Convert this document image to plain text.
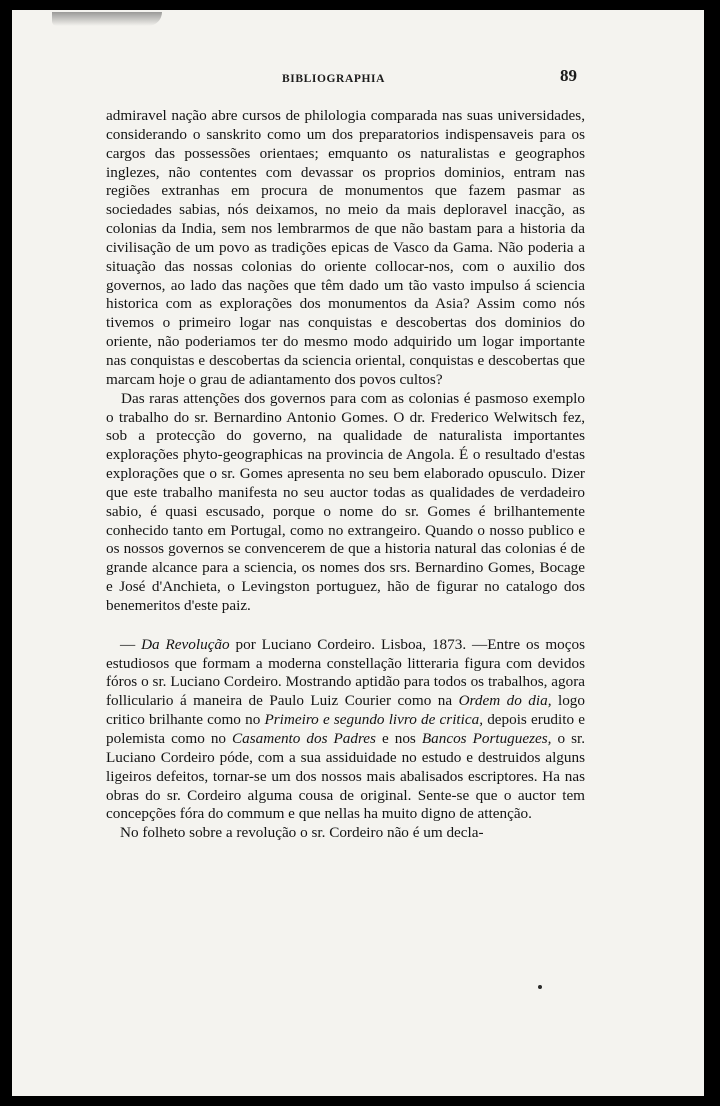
BIBLIOGRAPHIA	89

admiravel nação abre cursos de philologia comparada nas suas universidades, considerando o sanskrito como um dos preparatorios indispensaveis para os cargos das possessões orientaes; emquanto os naturalistas e geographos inglezes, não contentes com devassar os proprios dominios, entram nas regiões extranhas em procura de monumentos que fazem pasmar as sociedades sabias, nós deixamos, no meio da mais deploravel inacção, as colonias da India, sem nos lembrarmos de que não bastam para a historia da civilisação de um povo as tradições epicas de Vasco da Gama. Não poderia a situação das nossas colonias do oriente collocar-nos, com o auxilio dos governos, ao lado das nações que têm dado um tão vasto impulso á sciencia historica com as explorações dos monumentos da Asia? Assim como nós tivemos o primeiro logar nas conquistas e descobertas dos dominios do oriente, não poderiamos ter do mesmo modo adquirido um logar importante nas conquistas e descobertas da sciencia oriental, conquistas e descobertas que marcam hoje o grau de adiantamento dos povos cultos?

Das raras attenções dos governos para com as colonias é pasmoso exemplo o trabalho do sr. Bernardino Antonio Gomes. O dr. Frederico Welwitsch fez, sob a protecção do governo, na qualidade de naturalista importantes explorações phyto-geographicas na provincia de Angola. É o resultado d'estas explorações que o sr. Gomes apresenta no seu bem elaborado opusculo. Dizer que este trabalho manifesta no seu auctor todas as qualidades de verdadeiro sabio, é quasi escusado, porque o nome do sr. Gomes é brilhantemente conhecido tanto em Portugal, como no extrangeiro. Quando o nosso publico e os nossos governos se convencerem de que a historia natural das colonias é de grande alcance para a sciencia, os nomes dos srs. Bernardino Gomes, Bocage e José d'Anchieta, o Levingston portuguez, hão de figurar no catalogo dos benemeritos d'este paiz.

— Da Revolução por Luciano Cordeiro. Lisboa, 1873. —Entre os moços estudiosos que formam a moderna constellação litteraria figura com devidos fóros o sr. Luciano Cordeiro. Mostrando aptidão para todos os trabalhos, agora folliculario á maneira de Paulo Luiz Courier como na Ordem do dia, logo critico brilhante como no Primeiro e segundo livro de critica, depois erudito e polemista como no Casamento dos Padres e nos Bancos Portuguezes, o sr. Luciano Cordeiro póde, com a sua assiduidade no estudo e destruidos alguns ligeiros defeitos, tornar-se um dos nossos mais abalisados escriptores. Ha nas obras do sr. Cordeiro alguma cousa de original. Sente-se que o auctor tem concepções fóra do commum e que nellas ha muito digno de attenção.

No folheto sobre a revolução o sr. Cordeiro não é um decla-
